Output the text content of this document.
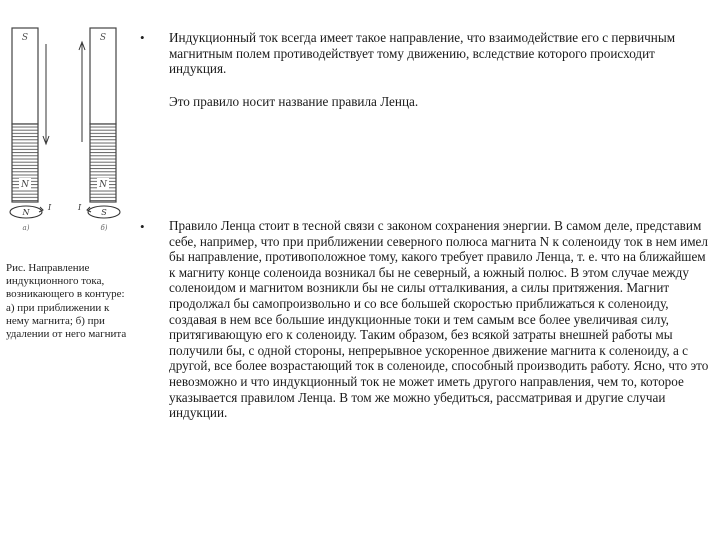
S
N
S
N
N
I
а)
S
I
б)
Рис. Направление индукционного тока, возникающего в контуре: а) при приближении к нему магнита; б) при удалении от него магнита
• Индукционный ток всегда имеет такое направление, что взаимодействие его с первичным магнитным полем противодействует тому движению, вследствие которого происходит индукция.

Это правило носит название правила Ленца.

• Правило Ленца стоит в тесной связи с законом сохранения энергии. В самом деле, представим себе, например, что при приближении северного полюса магнита N к соленоиду ток в нем имел бы направление, противоположное тому, какого требует правило Ленца, т. е. что на ближайшем к магниту конце соленоида возникал бы не северный, а южный полюс. В этом случае между соленоидом и магнитом возникли бы не силы отталкивания, а силы притяжения. Магнит продолжал бы самопроизвольно и со все большей скоростью приближаться к соленоиду, создавая в нем все большие индукционные токи и тем самым все более увеличивая силу, притягивающую его к соленоиду. Таким образом, без всякой затраты внешней работы мы получили бы, с одной стороны, непрерывное ускоренное движение магнита к соленоиду, а с другой, все более возрастающий ток в соленоиде, способный производить работу. Ясно, что это невозможно и что индукционный ток не может иметь другого направления, чем то, которое указывается правилом Ленца. В том же можно убедиться, рассматривая и другие случаи индукции.
